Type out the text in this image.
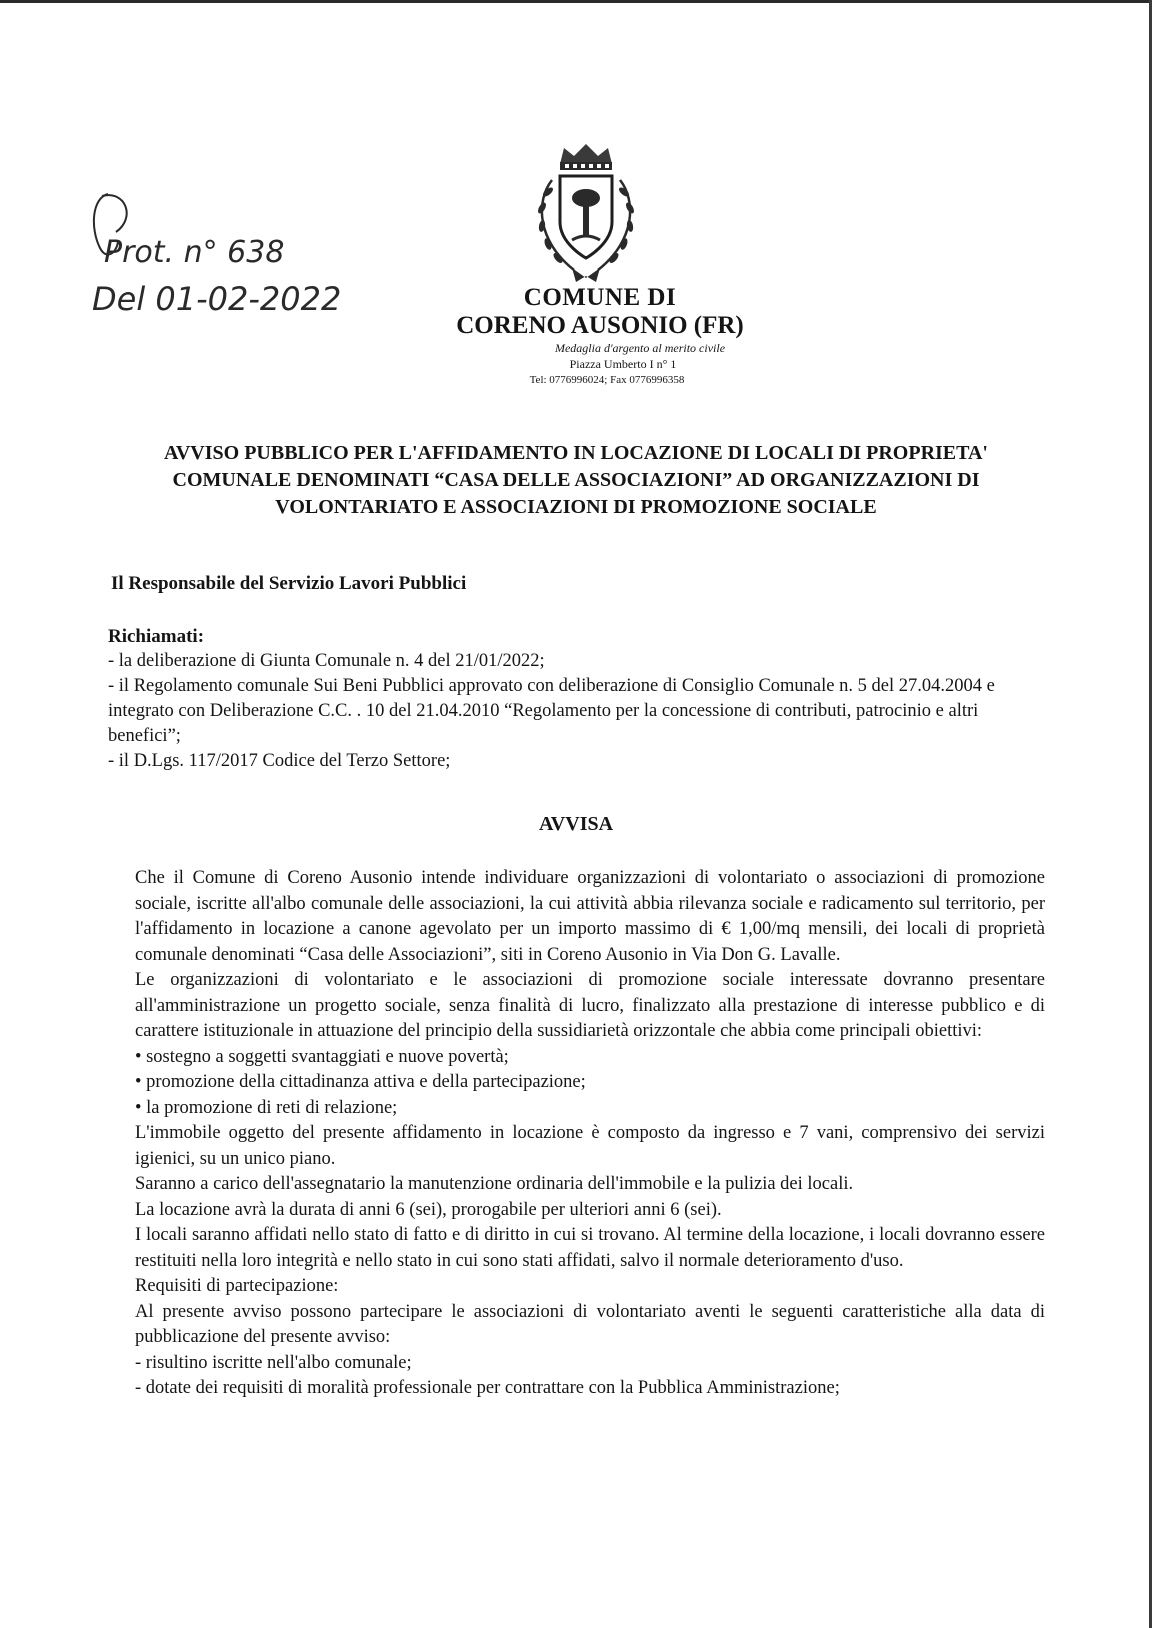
Prot. n° 638
Del 01-02-2022	COMUNE DI
CORENO AUSONIO (FR)
Medaglia d'argento al merito civile
Piazza Umberto I n° 1
Tel: 0776996024; Fax 0776996358
AVVISO PUBBLICO PER L'AFFIDAMENTO IN LOCAZIONE DI LOCALI DI PROPRIETA' COMUNALE DENOMINATI “CASA DELLE ASSOCIAZIONI” AD ORGANIZZAZIONI DI VOLONTARIATO E ASSOCIAZIONI DI PROMOZIONE SOCIALE
Il Responsabile del Servizio Lavori Pubblici
Richiamati:
- la deliberazione di Giunta Comunale n. 4 del 21/01/2022;
- il Regolamento comunale Sui Beni Pubblici approvato con deliberazione di Consiglio Comunale n. 5 del 27.04.2004 e integrato con Deliberazione C.C. . 10 del 21.04.2010 “Regolamento per la concessione di contributi, patrocinio e altri benefici”;
- il D.Lgs. 117/2017 Codice del Terzo Settore;
AVVISA

Che il Comune di Coreno Ausonio intende individuare organizzazioni di volontariato o associazioni di promozione sociale, iscritte all'albo comunale delle associazioni, la cui attività abbia rilevanza sociale e radicamento sul territorio, per l'affidamento in locazione a canone agevolato per un importo massimo di € 1,00/mq mensili, dei locali di proprietà comunale denominati “Casa delle Associazioni”, siti in Coreno Ausonio in Via Don G. Lavalle.

Le organizzazioni di volontariato e le associazioni di promozione sociale interessate dovranno presentare all'amministrazione un progetto sociale, senza finalità di lucro, finalizzato alla prestazione di interesse pubblico e di carattere istituzionale in attuazione del principio della sussidiarietà orizzontale che abbia come principali obiettivi:

• sostegno a soggetti svantaggiati e nuove povertà;

• promozione della cittadinanza attiva e della partecipazione;

• la promozione di reti di relazione;

L'immobile oggetto del presente affidamento in locazione è composto da ingresso e 7 vani, comprensivo dei servizi igienici, su un unico piano.

Saranno a carico dell'assegnatario la manutenzione ordinaria dell'immobile e la pulizia dei locali.

La locazione avrà la durata di anni 6 (sei), prorogabile per ulteriori anni 6 (sei).

I locali saranno affidati nello stato di fatto e di diritto in cui si trovano. Al termine della locazione, i locali dovranno essere restituiti nella loro integrità e nello stato in cui sono stati affidati, salvo il normale deterioramento d'uso.

Requisiti di partecipazione:

Al presente avviso possono partecipare le associazioni di volontariato aventi le seguenti caratteristiche alla data di pubblicazione del presente avviso:

- risultino iscritte nell'albo comunale;

- dotate dei requisiti di moralità professionale per contrattare con la Pubblica Amministrazione;
